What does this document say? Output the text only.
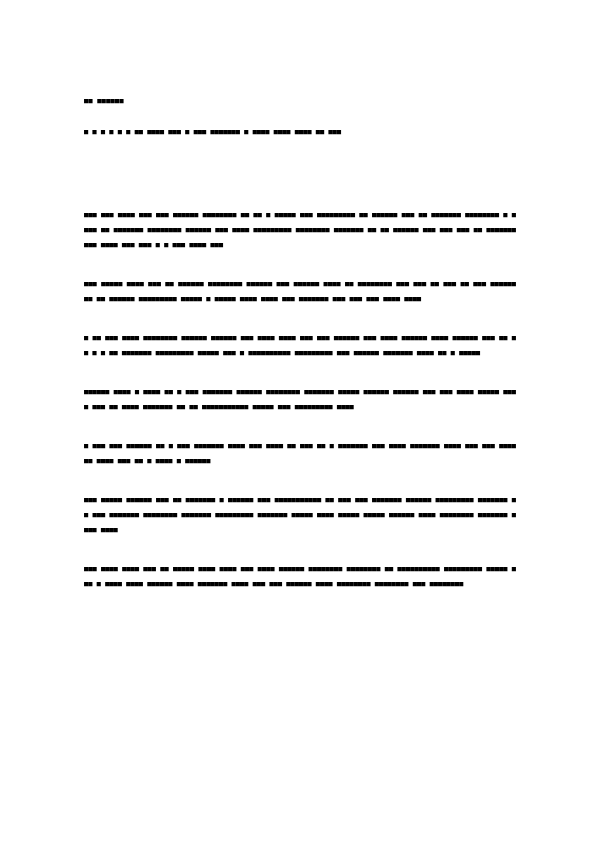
■■ ■■■■■■

■ ■ ■ ■ ■ ■ ■■ ■■■■ ■■■ ■ ■■■ ■■■■■■■ ■ ■■■■ ■■■■ ■■■■ ■■ ■■■

■■■ ■■■ ■■■■ ■■■ ■■■ ■■■■■■ ■■■■■■■■ ■■ ■■ ■ ■■■■■ ■■■ ■■■■■■■■■ ■■ ■■■■■■ ■■■ ■■ ■■■■■■■ ■■■■■■■■ ■ ■■■■ ■■ ■■■■■■■ ■■■■■■■■ ■■■■■■ ■■■ ■■■■ ■■■■■■■■■ ■■■■■■■■ ■■■■■■■ ■■ ■■ ■■■■■■ ■■■ ■■■ ■■■ ■■ ■■■■■■■■■■ ■■■■ ■■■ ■■■ ■ ■ ■■■ ■■■■ ■■■

■■■ ■■■■■ ■■■■ ■■■ ■■ ■■■■■■ ■■■■■■■■ ■■■■■■ ■■■ ■■■■■■ ■■■■ ■■ ■■■■■■■■ ■■■ ■■■ ■■ ■■■ ■■ ■■■ ■■■■■■ ■■ ■■ ■■■■■■ ■■■■■■■■■ ■■■■■ ■ ■■■■■ ■■■■ ■■■■ ■■■ ■■■■■■■ ■■■ ■■■ ■■■ ■■■■ ■■■■

■ ■■ ■■■ ■■■■ ■■■■■■■■ ■■■■■■ ■■■■■■ ■■■ ■■■■ ■■■■ ■■■ ■■■ ■■■■■■ ■■■ ■■■■ ■■■■■■ ■■■■ ■■■■■■ ■■■ ■■ ■ ■ ■ ■ ■■ ■■■■■■■ ■■■■■■■■■ ■■■■■ ■■■ ■ ■■■■■■■■■■ ■■■■■■■■■ ■■■ ■■■■■■ ■■■■■■■ ■■■■ ■■ ■ ■■■■■

■■■■■■ ■■■■ ■ ■■■■ ■■ ■ ■■■ ■■■■■■■ ■■■■■■ ■■■■■■■■ ■■■■■■■ ■■■■■ ■■■■■■ ■■■■■■ ■■■ ■■■ ■■■■ ■■■■■ ■■■■ ■■■ ■■ ■■■■ ■■■■■■■ ■■ ■■ ■■■■■■■■■■■ ■■■■■ ■■■ ■■■■■■■■■ ■■■■

■ ■■■ ■■■ ■■■■■■ ■■ ■ ■■■ ■■■■■■■ ■■■■ ■■■ ■■■■ ■■ ■■■ ■■ ■ ■■■■■■■ ■■■ ■■■■ ■■■■■■■ ■■■■ ■■■ ■■■ ■■■■■■ ■■■■ ■■■ ■■ ■ ■■■■ ■ ■■■■■■

■■■ ■■■■■ ■■■■■■ ■■■ ■■ ■■■■■■■ ■ ■■■■■■ ■■■ ■■■■■■■■■■■ ■■ ■■■ ■■■ ■■■■■■■ ■■■■■■ ■■■■■■■■■ ■■■■■■■ ■■ ■■■ ■■■■■■■ ■■■■■■■■ ■■■■■■■ ■■■■■■■■■ ■■■■■■■ ■■■■■ ■■■■ ■■■■■ ■■■■■ ■■■■■■ ■■■■ ■■■■■■■■ ■■■■■■■ ■■■■ ■■■■

■■■ ■■■■ ■■■■ ■■■ ■■ ■■■■■ ■■■■ ■■■■ ■■■ ■■■■ ■■■■■■ ■■■■■■■■ ■■■■■■■■ ■■ ■■■■■■■■■■ ■■■■■■■■■ ■■■■■ ■■■ ■ ■■■■ ■■■■ ■■■■■■ ■■■■ ■■■■■■■ ■■■■ ■■■ ■■■ ■■■■■■ ■■■■ ■■■■■■■■ ■■■■■■■■ ■■■ ■■■■■■■■
